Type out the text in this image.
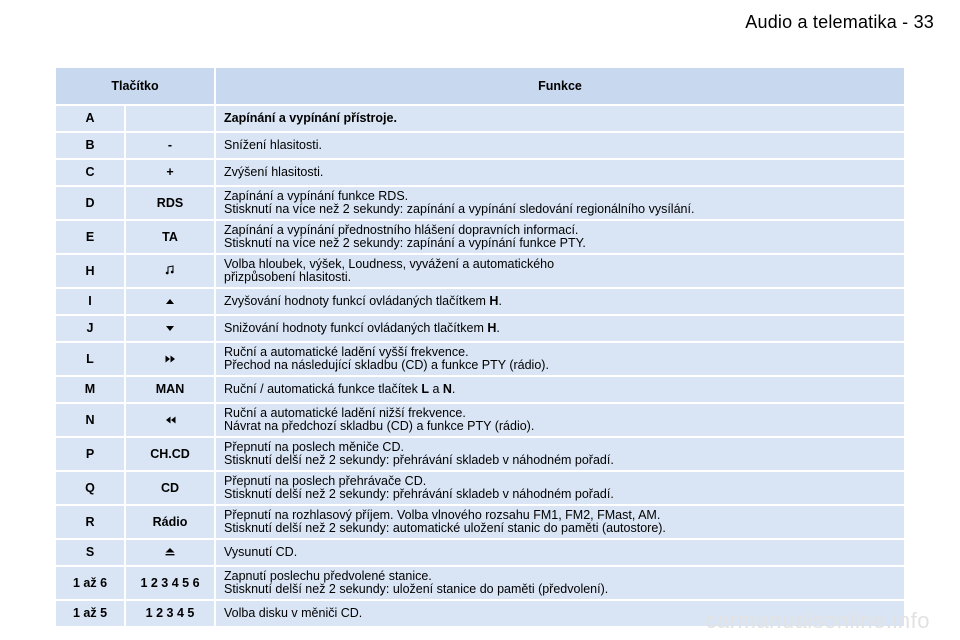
Audio a telematika - 33
Tlačítko		Funkce
A		Zapínání a vypínání přístroje.

B	-	Snížení hlasitosti.

C	+	Zvýšení hlasitosti.

D	RDS	Zapínání a vypínání funkce RDS.
Stisknutí na více než 2 sekundy: zapínání a vypínání sledování regionálního vysílání.

E	TA	Zapínání a vypínání přednostního hlášení dopravních informací.
Stisknutí na více než 2 sekundy: zapínání a vypínání funkce PTY.

H		Volba hloubek, výšek, Loudness, vyvážení a automatického
přizpůsobení hlasitosti.

I		Zvyšování hodnoty funkcí ovládaných tlačítkem H.

J		Snižování hodnoty funkcí ovládaných tlačítkem H.

L		Ruční a automatické ladění vyšší frekvence.
Přechod na následující skladbu (CD) a funkce PTY (rádio).

M	MAN	Ruční / automatická funkce tlačítek L a N.

N		Ruční a automatické ladění nižší frekvence.
Návrat na předchozí skladbu (CD) a funkce PTY (rádio).

P	CH.CD	Přepnutí na poslech měniče CD.
Stisknutí delší než 2 sekundy: přehrávání skladeb v náhodném pořadí.

Q	CD	Přepnutí na poslech přehrávače CD.
Stisknutí delší než 2 sekundy: přehrávání skladeb v náhodném pořadí.

R	Rádio	Přepnutí na rozhlasový příjem. Volba vlnového rozsahu FM1, FM2, FMast, AM.
Stisknutí delší než 2 sekundy: automatické uložení stanic do paměti (autostore).

S		Vysunutí CD.

1 až 6	1 2 3 4 5 6	Zapnutí poslechu předvolené stanice.
Stisknutí delší než 2 sekundy: uložení stanice do paměti (předvolení).

1 až 5	1 2 3 4 5	Volba disku v měniči CD.	carmanualsonline.info
